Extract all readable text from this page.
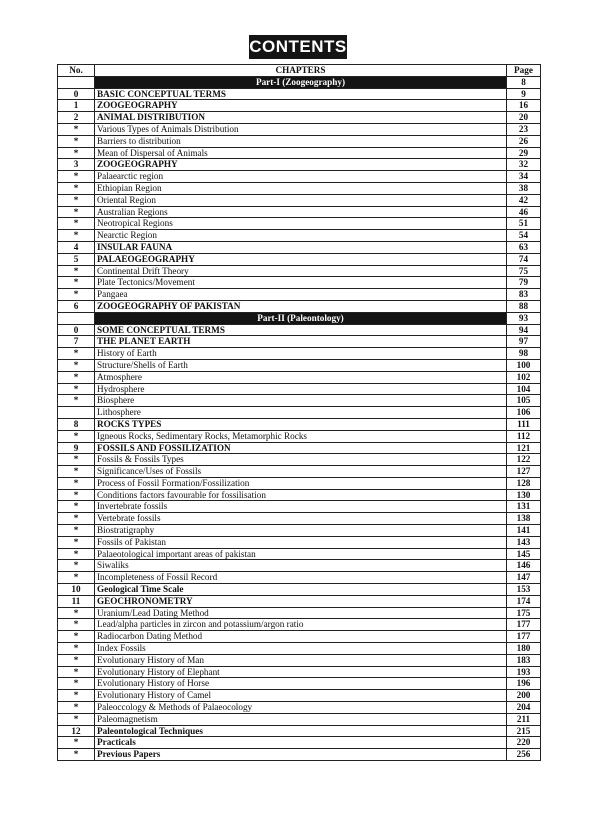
CONTENTS
No.	CHAPTERS	Page
	Part-I (Zoogeography)	8
0	BASIC CONCEPTUAL TERMS	9
1	ZOOGEOGRAPHY	16
2	ANIMAL DISTRIBUTION	20
*	Various Types of Animals Distribution	23
*	Barriers to distribution	26
*	Mean of Dispersal of Animals	29
3	ZOOGEOGRAPHY	32
*	Palaearctic region	34
*	Ethiopian Region	38
*	Oriental Region	42
*	Australian Regions	46
*	Neotropical Regions	51
*	Nearctic Region	54
4	INSULAR FAUNA	63
5	PALAEOGEOGRAPHY	74
*	Continental Drift Theory	75
*	Plate Tectonics/Movement	79
*	Pangaea	83
6	ZOOGEOGRAPHY OF PAKISTAN	88
	Part-II (Paleontology)	93
0	SOME CONCEPTUAL TERMS	94
7	THE PLANET EARTH	97
*	History of Earth	98
*	Structure/Shells of Earth	100
*	Atmosphere	102
*	Hydrosphere	104
*	Biosphere	105
	Lithosphere	106
8	ROCKS TYPES	111
*	Igneous Rocks, Sedimentary Rocks, Metamorphic Rocks	112
9	FOSSILS AND FOSSILIZATION	121
*	Fossils & Fossils Types	122
*	Significance/Uses of Fossils	127
*	Process of Fossil Formation/Fossilization	128
*	Conditions factors favourable for fossilisation	130
*	Invertebrate fossils	131
*	Vertebrate fossils	138
*	Biostratigraphy	141
*	Fossils of Pakistan	143
*	Palaeotological important areas of pakistan	145
*	Siwaliks	146
*	Incompleteness of Fossil Record	147
10	Geological Time Scale	153
11	GEOCHRONOMETRY	174
*	Uranium/Lead Dating Method	175
*	Lead/alpha particles in zircon and potassium/argon ratio	177
*	Radiocarbon Dating Method	177
*	Index Fossils	180
*	Evolutionary History of Man	183
*	Evolutionary History of Elephant	193
*	Evolutionary History of Horse	196
*	Evolutionary History of Camel	200
*	Paleoccology & Methods of Palaeocology	204
*	Paleomagnetism	211
12	Paleontological Techniques	215
*	Practicals	220
*	Previous Papers	256
